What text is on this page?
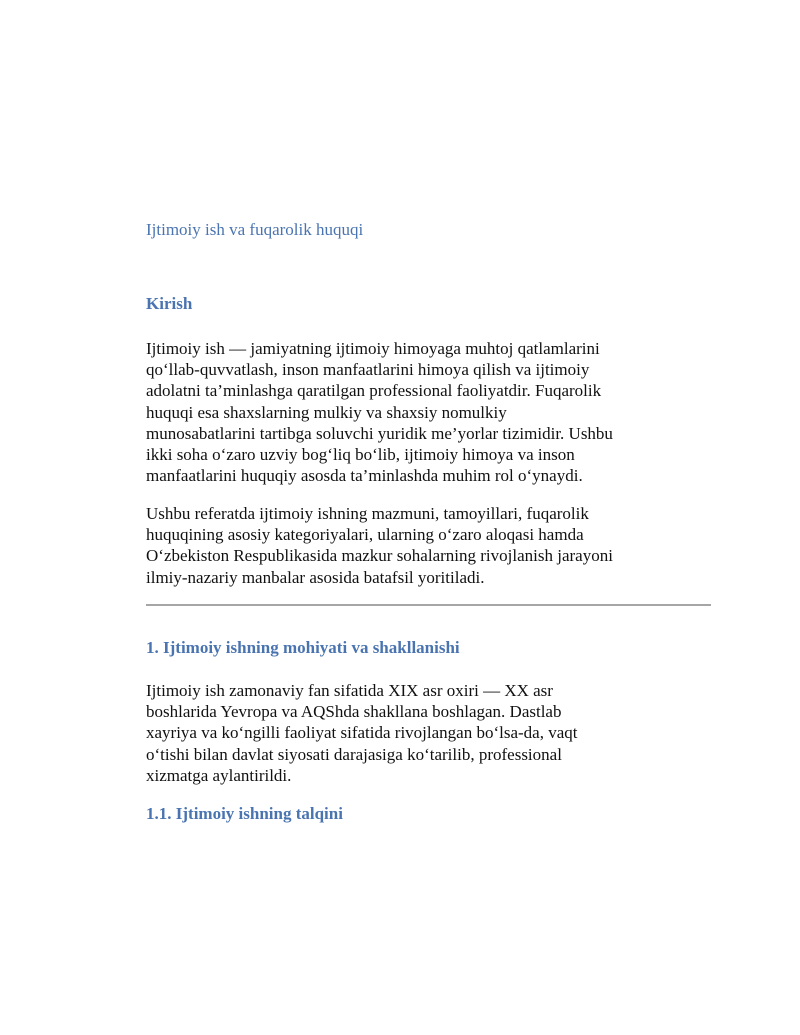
Ijtimoiy ish va fuqarolik huquqi
Kirish

Ijtimoiy ish — jamiyatning ijtimoiy himoyaga muhtoj qatlamlarini
qo‘llab-quvvatlash, inson manfaatlarini himoya qilish va ijtimoiy
adolatni ta’minlashga qaratilgan professional faoliyatdir. Fuqarolik
huquqi esa shaxslarning mulkiy va shaxsiy nomulkiy
munosabatlarini tartibga soluvchi yuridik me’yorlar tizimidir. Ushbu
ikki soha o‘zaro uzviy bog‘liq bo‘lib, ijtimoiy himoya va inson
manfaatlarini huquqiy asosda ta’minlashda muhim rol o‘ynaydi.

Ushbu referatda ijtimoiy ishning mazmuni, tamoyillari, fuqarolik
huquqining asosiy kategoriyalari, ularning o‘zaro aloqasi hamda
O‘zbekiston Respublikasida mazkur sohalarning rivojlanish jarayoni
ilmiy-nazariy manbalar asosida batafsil yoritiladi.

1. Ijtimoiy ishning mohiyati va shakllanishi

Ijtimoiy ish zamonaviy fan sifatida XIX asr oxiri — XX asr
boshlarida Yevropa va AQShda shakllana boshlagan. Dastlab
xayriya va ko‘ngilli faoliyat sifatida rivojlangan bo‘lsa-da, vaqt
o‘tishi bilan davlat siyosati darajasiga ko‘tarilib, professional
xizmatga aylantirildi.

1.1. Ijtimoiy ishning talqini
